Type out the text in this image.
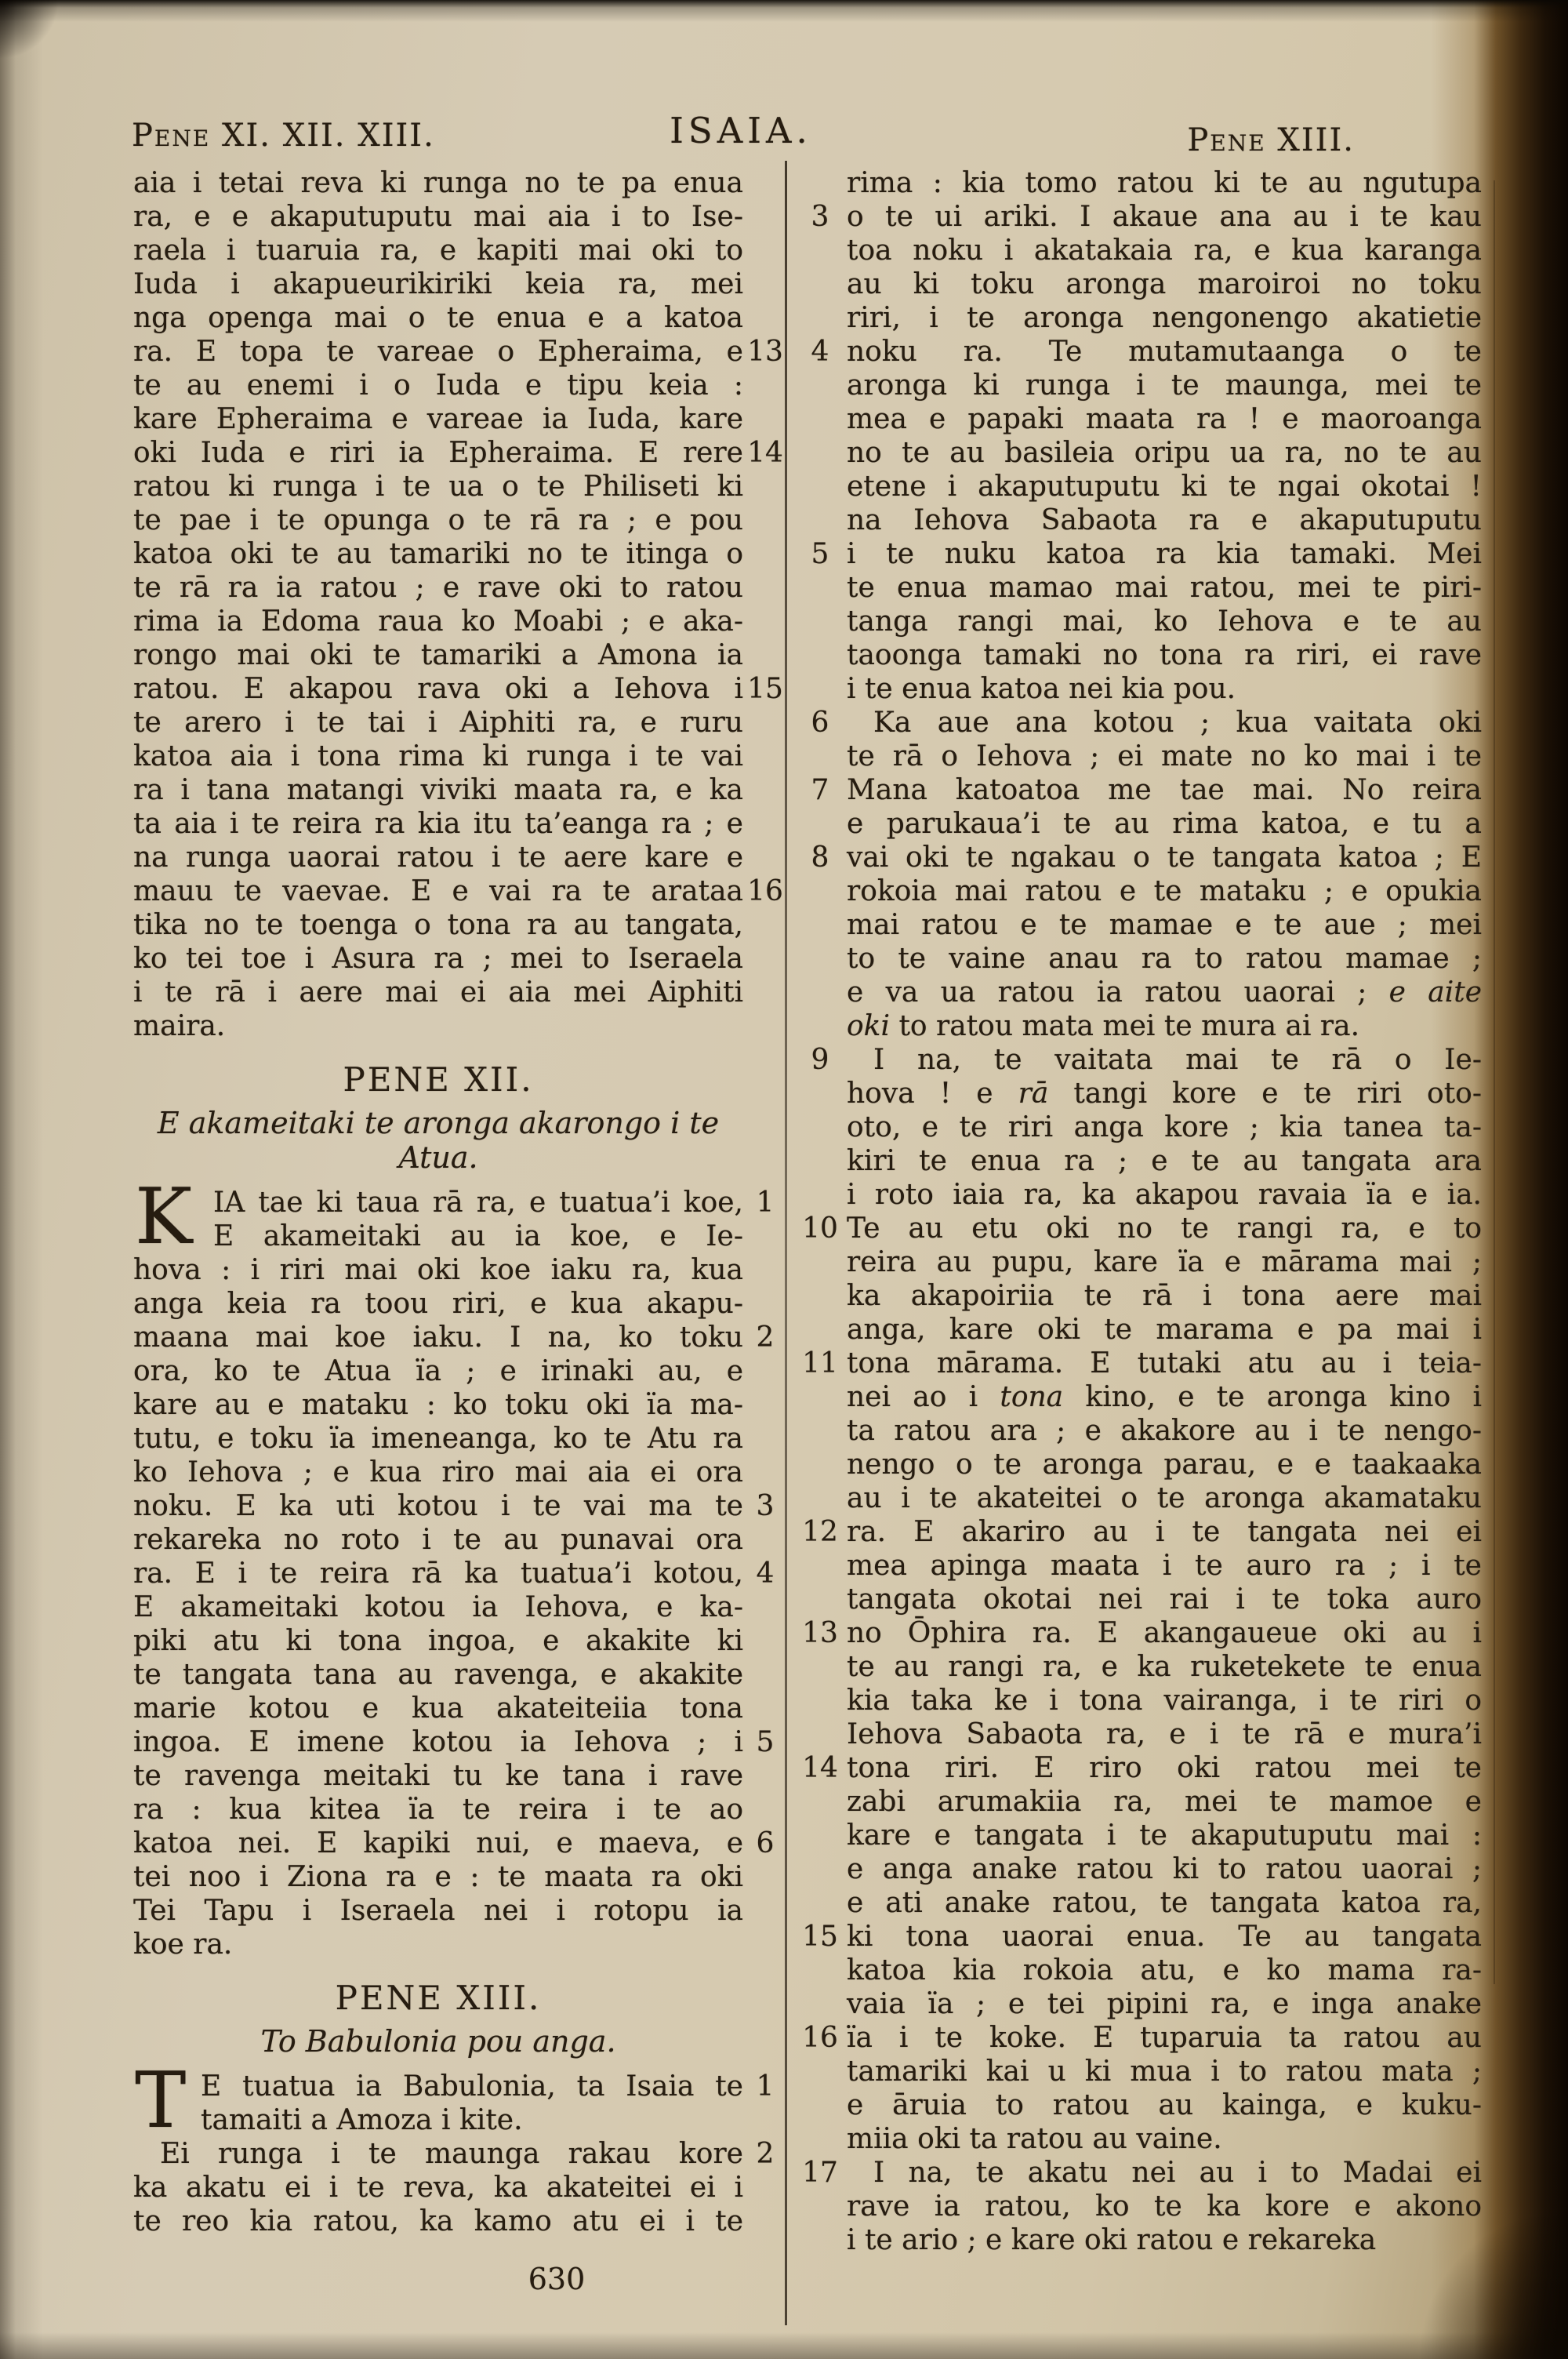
Pene XI. XII. XIII.	ISAIA.	Pene XIII.
aia i tetai reva ki runga no te pa enua
ra, e e akaputuputu mai aia i to Ise-
raela i tuaruia ra, e kapiti mai oki to
Iuda i akapueurikiriki keia ra, mei
nga openga mai o te enua e a katoa
ra. E topa te vareae o Epheraima, e 13
te au enemi i o Iuda e tipu keia :
kare Epheraima e vareae ia Iuda, kare
oki Iuda e riri ia Epheraima. E rere 14
ratou ki runga i te ua o te Philiseti ki
te pae i te opunga o te rā ra ; e pou
katoa oki te au tamariki no te itinga o
te rā ra ia ratou ; e rave oki to ratou
rima ia Edoma raua ko Moabi ; e aka-
rongo mai oki te tamariki a Amona ia
ratou. E akapou rava oki a Iehova i 15
te arero i te tai i Aiphiti ra, e ruru
katoa aia i tona rima ki runga i te vai
ra i tana matangi viviki maata ra, e ka
ta aia i te reira ra kia itu ta’eanga ra ; e
na runga uaorai ratou i te aere kare e
mauu te vaevae. E e vai ra te arataa 16
tika no te toenga o tona ra au tangata,
ko tei toe i Asura ra ; mei to Iseraela
i te rā i aere mai ei aia mei Aiphiti
maira.
PENE XII.
E akameitaki te aronga akarongo i te
Atua.
K IA tae ki taua rā ra, e tuatua’i koe, 1
E akameitaki au ia koe, e Ie-
hova : i riri mai oki koe iaku ra, kua
anga keia ra toou riri, e kua akapu-
maana mai koe iaku. I na, ko toku 2
ora, ko te Atua ïa ; e irinaki au, e
kare au e mataku : ko toku oki ïa ma-
tutu, e toku ïa imeneanga, ko te Atu ra
ko Iehova ; e kua riro mai aia ei ora
noku. E ka uti kotou i te vai ma te 3
rekareka no roto i te au punavai ora
ra. E i te reira rā ka tuatua’i kotou, 4
E akameitaki kotou ia Iehova, e ka-
piki atu ki tona ingoa, e akakite ki
te tangata tana au ravenga, e akakite
marie kotou e kua akateiteiia tona
ingoa. E imene kotou ia Iehova ; i 5
te ravenga meitaki tu ke tana i rave
ra : kua kitea ïa te reira i te ao
katoa nei. E kapiki nui, e maeva, e 6
tei noo i Ziona ra e : te maata ra oki
Tei Tapu i Iseraela nei i rotopu ia
koe ra.
PENE XIII.
To Babulonia pou anga.
T E tuatua ia Babulonia, ta Isaia te 1
tamaiti a Amoza i kite.
Ei runga i te maunga rakau kore 2
ka akatu ei i te reva, ka akateitei ei i
te reo kia ratou, ka kamo atu ei i te
rima : kia tomo ratou ki te au ngutupa
o te ui ariki. I akaue ana au i te kau
3
toa noku i akatakaia ra, e kua karanga
au ki toku aronga maroiroi no toku
riri, i te aronga nengonengo akatietie
noku ra. Te mutamutaanga o te
4
aronga ki runga i te maunga, mei te
mea e papaki maata ra ! e maoroanga
no te au basileia oripu ua ra, no te au
etene i akaputuputu ki te ngai okotai !
na Iehova Sabaota ra e akaputuputu
i te nuku katoa ra kia tamaki. Mei
5
te enua mamao mai ratou, mei te piri-
tanga rangi mai, ko Iehova e te au
taoonga tamaki no tona ra riri, ei rave
i te enua katoa nei kia pou.
Ka aue ana kotou ; kua vaitata oki
6
te rā o Iehova ; ei mate no ko mai i te
Mana katoatoa me tae mai. No reira
7
e parukaua’i te au rima katoa, e tu a
vai oki te ngakau o te tangata katoa ; E
8
rokoia mai ratou e te mataku ; e opukia
mai ratou e te mamae e te aue ; mei
to te vaine anau ra to ratou mamae ;
e va ua ratou ia ratou uaorai ; e aite
oki to ratou mata mei te mura ai ra.
I na, te vaitata mai te rā o Ie-
9
hova ! e rā tangi kore e te riri oto-
oto, e te riri anga kore ; kia tanea ta-
kiri te enua ra ; e te au tangata ara
i roto iaia ra, ka akapou ravaia ïa e ia.
Te au etu oki no te rangi ra, e to
10
reira au pupu, kare ïa e mārama mai ;
ka akapoiriia te rā i tona aere mai
anga, kare oki te marama e pa mai i
tona mārama. E tutaki atu au i teia-
11
nei ao i tona kino, e te aronga kino i
ta ratou ara ; e akakore au i te nengo-
nengo o te aronga parau, e e taakaaka
au i te akateitei o te aronga akamataku
ra. E akariro au i te tangata nei ei
12
mea apinga maata i te auro ra ; i te
tangata okotai nei rai i te toka auro
no Ōphira ra. E akangaueue oki au i
13
te au rangi ra, e ka ruketekete te enua
kia taka ke i tona vairanga, i te riri o
Iehova Sabaota ra, e i te rā e mura’i
tona riri. E riro oki ratou mei te
14
zabi arumakiia ra, mei te mamoe e
kare e tangata i te akaputuputu mai :
e anga anake ratou ki to ratou uaorai ;
e ati anake ratou, te tangata katoa ra,
ki tona uaorai enua. Te au tangata
15
katoa kia rokoia atu, e ko mama ra-
vaia ïa ; e tei pipini ra, e inga anake
ïa i te koke. E tuparuia ta ratou au
16
tamariki kai u ki mua i to ratou mata ;
e āruia to ratou au kainga, e kuku-
miia oki ta ratou au vaine.
I na, te akatu nei au i to Madai ei
17
rave ia ratou, ko te ka kore e akono
i te ario ; e kare oki ratou e rekareka
630
